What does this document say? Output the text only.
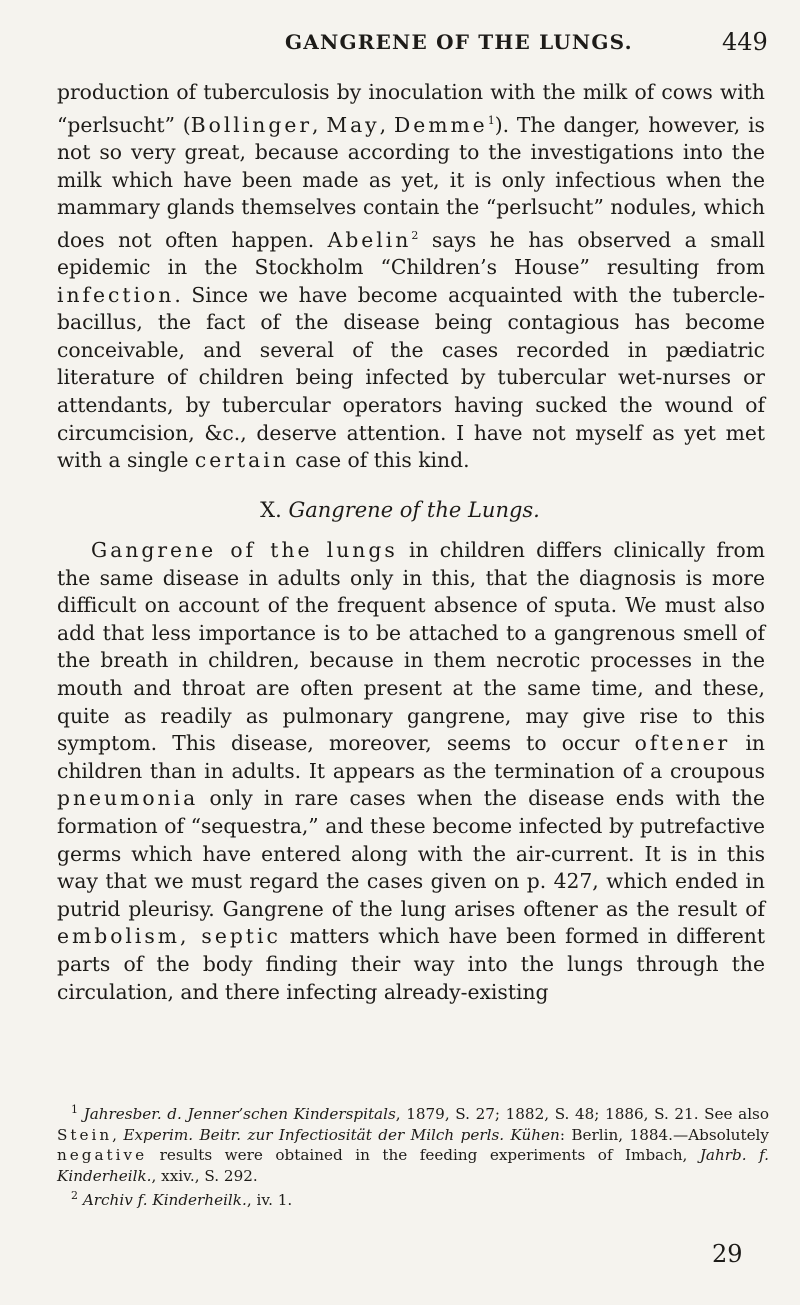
GANGRENE OF THE LUNGS.	449

production of tuberculosis by inoculation with the milk of cows with “perlsucht” (Bollinger, May, Demme$^1$). The danger, however, is not so very great, because according to the investigations into the milk which have been made as yet, it is only infectious when the mammary glands themselves contain the “perlsucht” nodules, which does not often happen. Abelin$^2$ says he has observed a small epidemic in the Stockholm “Children’s House” resulting from infection. Since we have become acquainted with the tubercle-bacillus, the fact of the disease being contagious has become conceivable, and several of the cases recorded in pædiatric literature of children being infected by tubercular wet-nurses or attendants, by tubercular operators having sucked the wound of circumcision, &c., deserve attention. I have not myself as yet met with a single certain case of this kind.

X. Gangrene of the Lungs.

Gangrene of the lungs in children differs clinically from the same disease in adults only in this, that the diagnosis is more difficult on account of the frequent absence of sputa. We must also add that less importance is to be attached to a gangrenous smell of the breath in children, because in them necrotic processes in the mouth and throat are often present at the same time, and these, quite as readily as pulmonary gangrene, may give rise to this symptom. This disease, moreover, seems to occur oftener in children than in adults. It appears as the termination of a croupous pneumonia only in rare cases when the disease ends with the formation of “sequestra,” and these become infected by putrefactive germs which have entered along with the air-current. It is in this way that we must regard the cases given on p. 427, which ended in putrid pleurisy. Gangrene of the lung arises oftener as the result of embolism, septic matters which have been formed in different parts of the body finding their way into the lungs through the circulation, and there infecting already-existing

$^1$ Jahresber. d. Jenner’schen Kinderspitals, 1879, S. 27; 1882, S. 48; 1886, S. 21. See also Stein, Experim. Beitr. zur Infectiosität der Milch perls. Kühen: Berlin, 1884.—Absolutely negative results were obtained in the feeding experiments of Imbach, Jahrb. f. Kinderheilk., xxiv., S. 292.

$^2$ Archiv f. Kinderheilk., iv. 1.

29
